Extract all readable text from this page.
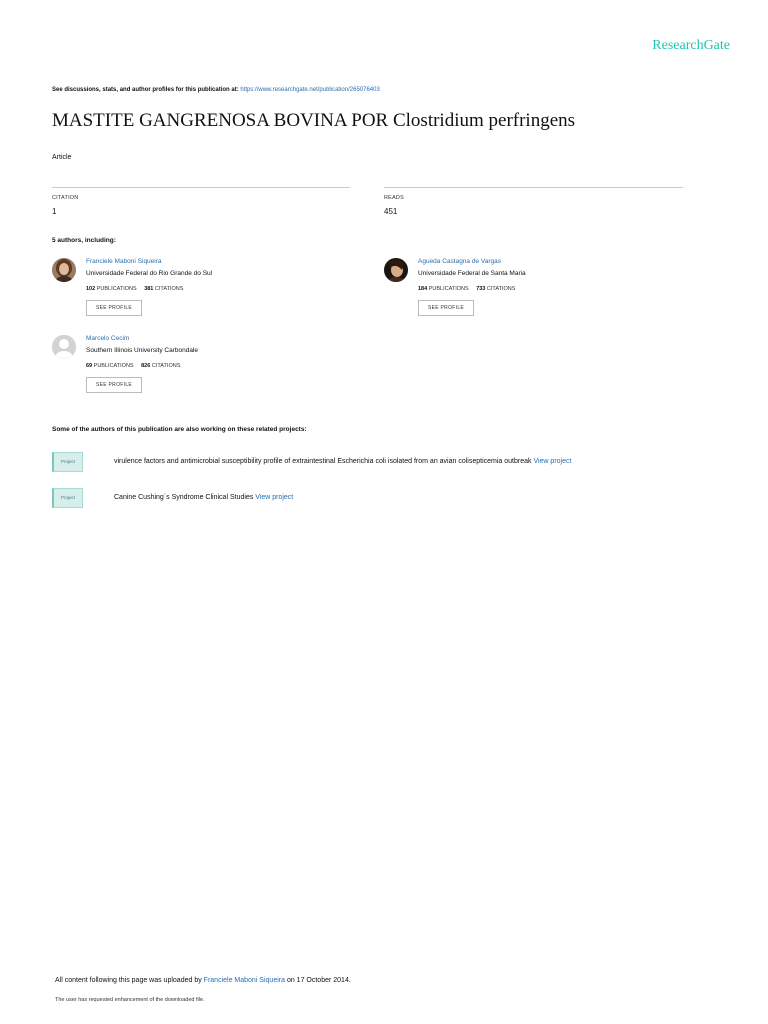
ResearchGate
See discussions, stats, and author profiles for this publication at: https://www.researchgate.net/publication/265076403
MASTITE GANGRENOSA BOVINA POR Clostridium perfringens
Article
CITATION
1
READS
451
5 authors, including:
Franciele Maboni Siqueira
Universidade Federal do Rio Grande do Sul
102 PUBLICATIONS 381 CITATIONS
SEE PROFILE
Agueda Castagna de Vargas
Universidade Federal de Santa Maria
184 PUBLICATIONS 733 CITATIONS
SEE PROFILE
Marcelo Cecim
Southern Illinois University Carbondale
69 PUBLICATIONS 826 CITATIONS
SEE PROFILE
Some of the authors of this publication are also working on these related projects:
Project	virulence factors and antimicrobial susceptibility profile of extraintestinal Escherichia coli isolated from an avian colisepticemia outbreak View project
Project	Canine Cushing´s Syndrome Clinical Studies View project
All content following this page was uploaded by Franciele Maboni Siqueira on 17 October 2014.
The user has requested enhancement of the downloaded file.
